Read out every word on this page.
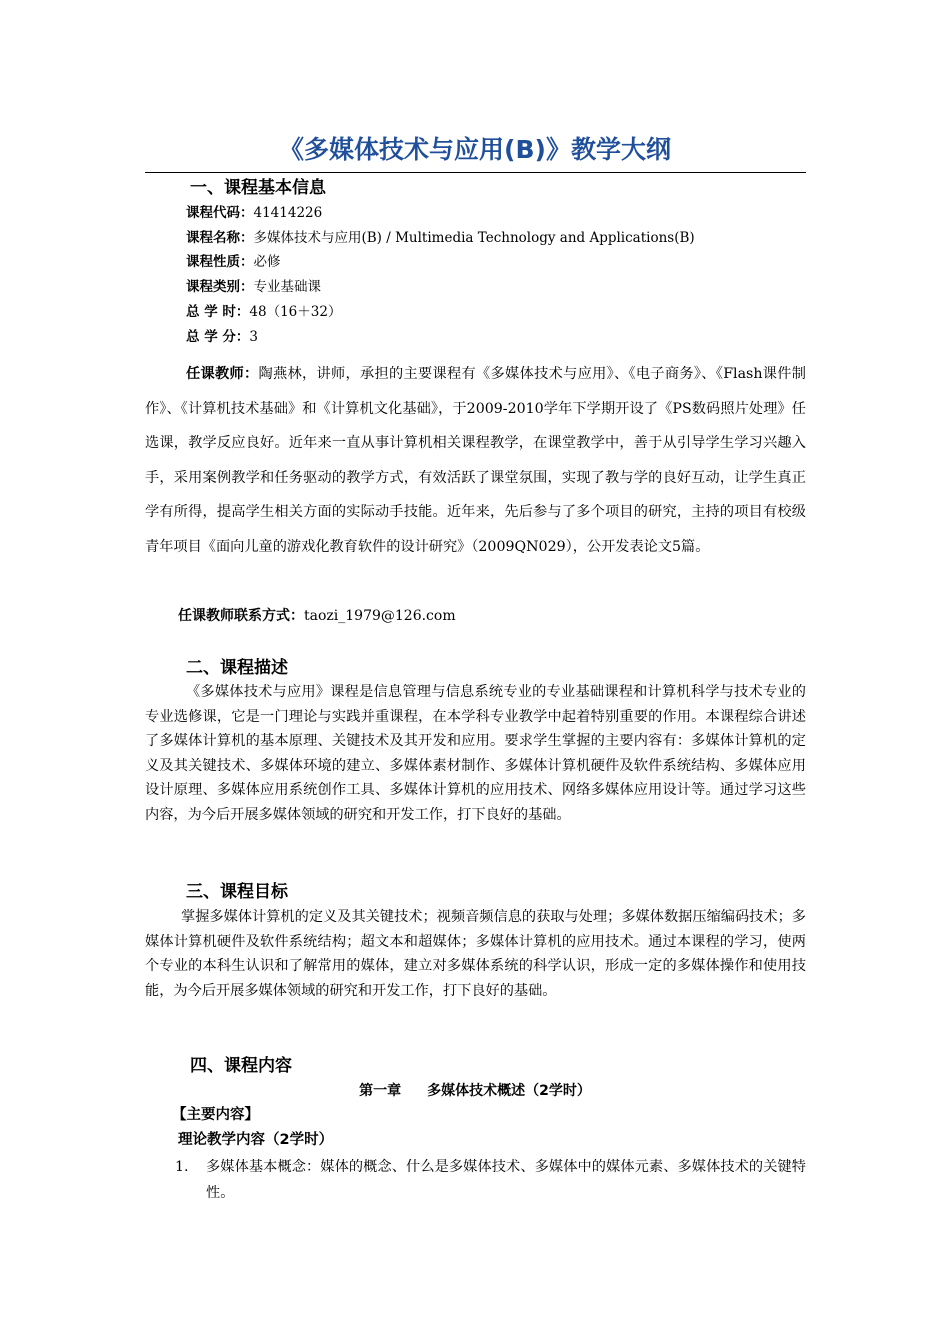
《多媒体技术与应用(B)》教学大纲
一、课程基本信息
课程代码：41414226
课程名称：多媒体技术与应用(B) / Multimedia Technology and Applications(B)
课程性质：必修
课程类别：专业基础课
总 学 时：48（16＋32）
总 学 分：3
任课教师：陶燕林，讲师，承担的主要课程有《多媒体技术与应用》、《电子商务》、《Flash课件制作》、《计算机技术基础》和《计算机文化基础》，于2009-2010学年下学期开设了《PS数码照片处理》任选课，教学反应良好。近年来一直从事计算机相关课程教学，在课堂教学中，善于从引导学生学习兴趣入手，采用案例教学和任务驱动的教学方式，有效活跃了课堂氛围，实现了教与学的良好互动，让学生真正学有所得，提高学生相关方面的实际动手技能。近年来，先后参与了多个项目的研究，主持的项目有校级青年项目《面向儿童的游戏化教育软件的设计研究》（2009QN029），公开发表论文5篇。
任课教师联系方式：taozi_1979@126.com
二、课程描述
《多媒体技术与应用》课程是信息管理与信息系统专业的专业基础课程和计算机科学与技术专业的专业选修课，它是一门理论与实践并重课程，在本学科专业教学中起着特别重要的作用。本课程综合讲述了多媒体计算机的基本原理、关键技术及其开发和应用。要求学生掌握的主要内容有：多媒体计算机的定义及其关键技术、多媒体环境的建立、多媒体素材制作、多媒体计算机硬件及软件系统结构、多媒体应用设计原理、多媒体应用系统创作工具、多媒体计算机的应用技术、网络多媒体应用设计等。通过学习这些内容，为今后开展多媒体领域的研究和开发工作，打下良好的基础。
三、课程目标
掌握多媒体计算机的定义及其关键技术；视频音频信息的获取与处理；多媒体数据压缩编码技术；多媒体计算机硬件及软件系统结构；超文本和超媒体；多媒体计算机的应用技术。通过本课程的学习，使两个专业的本科生认识和了解常用的媒体，建立对多媒体系统的科学认识，形成一定的多媒体操作和使用技能，为今后开展多媒体领域的研究和开发工作，打下良好的基础。
四、课程内容
第一章 多媒体技术概述（2学时）
【主要内容】
理论教学内容（2学时）
1. 多媒体基本概念：媒体的概念、什么是多媒体技术、多媒体中的媒体元素、多媒体技术的关键特性。
